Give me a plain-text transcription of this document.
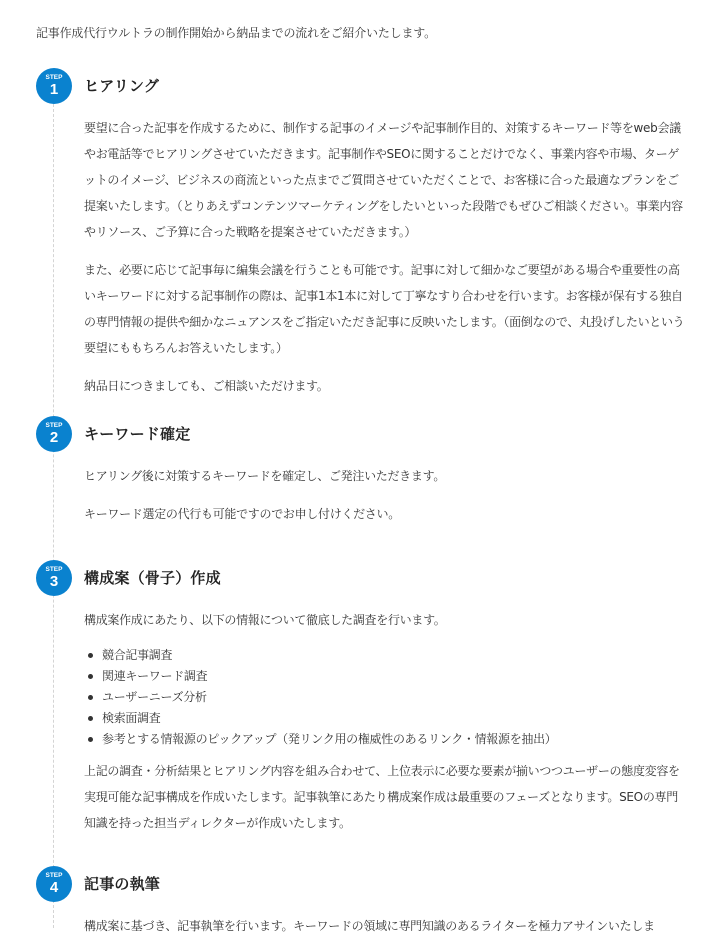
記事作成代行ウルトラの制作開始から納品までの流れをご紹介いたします。
STEP
1	ヒアリング

要望に合った記事を作成するために、制作する記事のイメージや記事制作目的、対策するキーワード等をweb会議やお電話等でヒアリングさせていただきます。記事制作やSEOに関することだけでなく、事業内容や市場、ターゲットのイメージ、ビジネスの商流といった点までご質問させていただくことで、お客様に合った最適なプランをご提案いたします。（とりあえずコンテンツマーケティングをしたいといった段階でもぜひご相談ください。事業内容やリソース、ご予算に合った戦略を提案させていただきます。）

また、必要に応じて記事毎に編集会議を行うことも可能です。記事に対して細かなご要望がある場合や重要性の高いキーワードに対する記事制作の際は、記事1本1本に対して丁寧なすり合わせを行います。お客様が保有する独自の専門情報の提供や細かなニュアンスをご指定いただき記事に反映いたします。（面倒なので、丸投げしたいという要望にももちろんお答えいたします。）

納品日につきましても、ご相談いただけます。

STEP
2	キーワード確定

ヒアリング後に対策するキーワードを確定し、ご発注いただきます。

キーワード選定の代行も可能ですのでお申し付けください。

STEP
3	構成案（骨子）作成

構成案作成にあたり、以下の情報について徹底した調査を行います。

競合記事調査
関連キーワード調査
ユーザーニーズ分析
検索面調査
参考とする情報源のピックアップ（発リンク用の権威性のあるリンク・情報源を抽出）

上記の調査・分析結果とヒアリング内容を組み合わせて、上位表示に必要な要素が揃いつつユーザーの態度変容を実現可能な記事構成を作成いたします。記事執筆にあたり構成案作成は最重要のフェーズとなります。SEOの専門知識を持った担当ディレクターが作成いたします。

STEP
4	記事の執筆

構成案に基づき、記事執筆を行います。キーワードの領域に専門知識のあるライターを極力アサインいたしま
